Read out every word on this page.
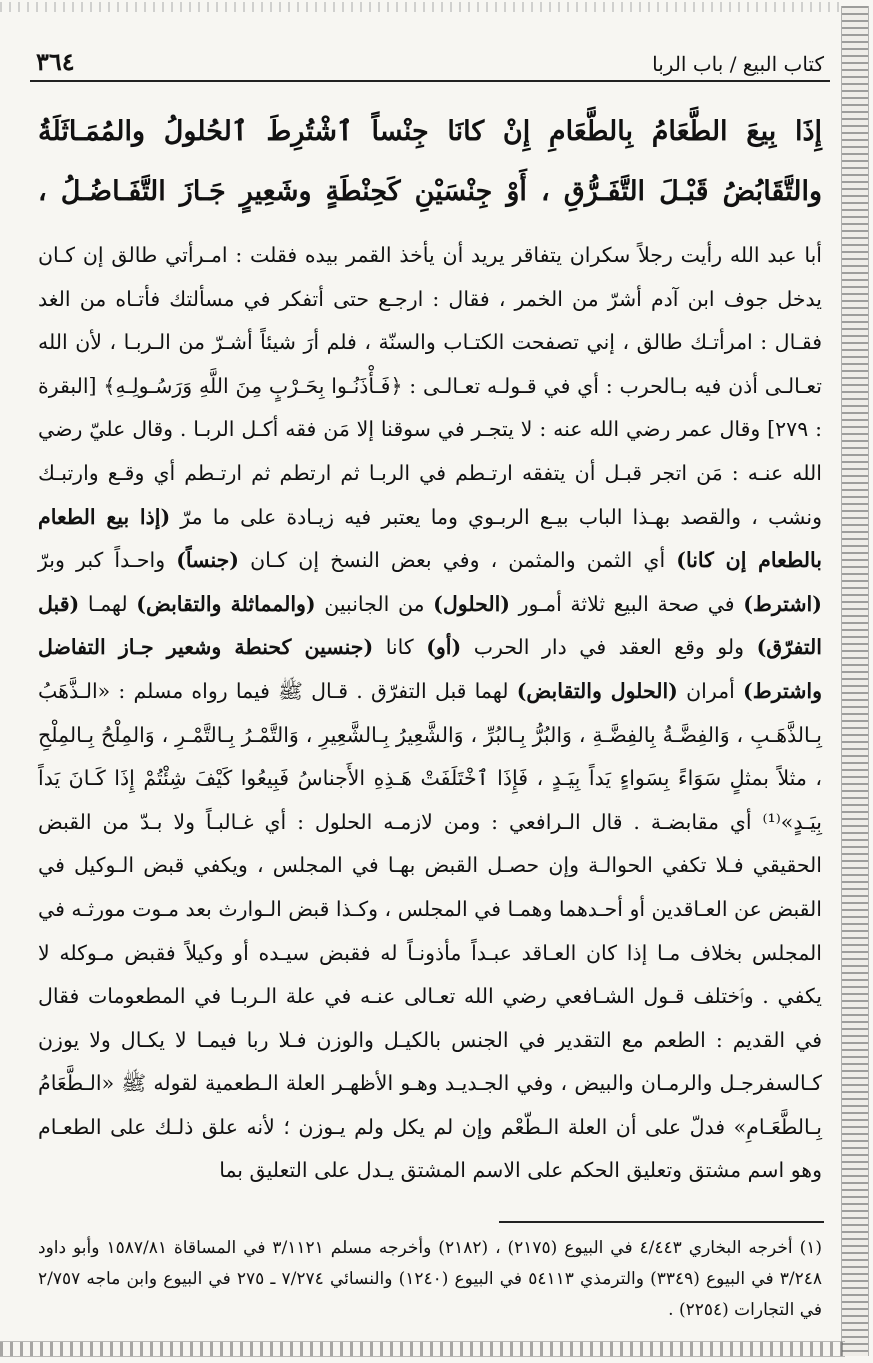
كتاب البيع / باب الربا
٣٦٤
إِذَا بِيعَ الطَّعَامُ بِالطَّعَامِ إِنْ كانَا جِنْساً ٱشْتُرِطَ ٱلحُلولُ والمُمَـاثَلَةُ والتَّقَابُضُ قَبْـلَ التَّفَـرُّقِ ، أَوْ جِنْسَيْنِ كَحِنْطَةٍ وشَعِيرٍ جَـازَ التَّفَـاضُـلُ ،

أبا عبد الله رأيت رجلاً سكران يتفاقر يريد أن يأخذ القمر بيده فقلت : امـرأتي طالق إن كـان يدخل جوف ابن آدم أشرّ من الخمر ، فقال : ارجـع حتى أتفكر في مسألتك فأتـاه من الغد فقـال : امرأتـك طالق ، إني تصفحت الكتـاب والسنّة ، فلم أرَ شيئاً أشـرّ من الـربـا ، لأن الله تعـالـى أذن فيه بـالحرب : أي في قـولـه تعـالـى : ﴿فَـأْذَنُـوا بِحَـرْبٍ مِنَ اللَّهِ وَرَسُـولِـهِ﴾ [البقرة : ٢٧٩] وقال عمر رضي الله عنه : لا يتجـر في سوقنا إلا مَن فقه أكـل الربـا . وقال عليّ رضي الله عنـه : مَن اتجر قبـل أن يتفقه ارتـطم في الربـا ثم ارتطم ثم ارتـطم أي وقـع وارتبـك ونشب ، والقصد بهـذا الباب بيـع الربـوي وما يعتبر فيه زيـادة على ما مرّ (إذا بيع الطعام بالطعام إن كانا) أي الثمن والمثمن ، وفي بعض النسخ إن كـان (جنساً) واحـداً كبر وبرّ (اشترط) في صحة البيع ثلاثة أمـور (الحلول) من الجانبين (والمماثلة والتقابض) لهمـا (قبل التفرّق) ولو وقع العقد في دار الحرب (أو) كانا (جنسين كحنطة وشعير جـاز التفاضل واشترط) أمران (الحلول والتقابض) لهما قبل التفرّق . قـال ﷺ فيما رواه مسلم : «الـذَّهَبُ بِـالذَّهَـبِ ، وَالفِضَّـةُ بِالفِضَّـةِ ، وَالبُرُّ بِـالبُرِّ ، وَالشَّعِيرُ بِـالشَّعِيرِ ، وَالتَّمْـرُ بِـالتَّمْـرِ ، وَالمِلْحُ بِـالمِلْحِ ، مثلاً بمثلٍ سَوَاءً بِسَواءٍ يَداً بِيَـدٍ ، فَإِذَا ٱخْتَلَفَتْ هَـذِهِ الأَجناسُ فَبِيعُوا كَيْفَ شِئْتُمْ إِذَا كَـانَ يَداً بِيَـدٍ»⁽¹⁾ أي مقابضـة . قال الـرافعي : ومن لازمـه الحلول : أي غـالبـاً ولا بـدّ من القبض الحقيقي فـلا تكفي الحوالـة وإن حصـل القبض بهـا في المجلس ، ويكفي قبض الـوكيل في القبض عن العـاقدين أو أحـدهما وهمـا في المجلس ، وكـذا قبض الـوارث بعد مـوت مورثـه في المجلس بخلاف مـا إذا كان العـاقد عبـداً مأذونـاً له فقبض سيـده أو وكيلاً فقبض مـوكله لا يكفي . وٱختلف قـول الشـافعي رضي الله تعـالى عنـه في علة الـربـا في المطعومات فقال في القديم : الطعم مع التقدير في الجنس بالكيـل والوزن فـلا ربا فيمـا لا يكـال ولا يوزن كـالسفرجـل والرمـان والبيض ، وفي الجـديـد وهـو الأظهـر العلة الـطعمية لقوله ﷺ «الـطَّعَامُ بِـالطَّعَـامِ» فدلّ على أن العلة الـطّعْم وإن لم يكل ولم يـوزن ؛ لأنه علق ذلـك على الطعـام وهو اسم مشتق وتعليق الحكم على الاسم المشتق يـدل على التعليق بما

(١) أخرجه البخاري ٤/٤٤٣ في البيوع (٢١٧٥) ، (٢١٨٢) وأخرجه مسلم ٣/١١٢١ في المساقاة ١٥٨٧/٨١ وأبو داود ٣/٢٤٨ في البيوع (٣٣٤٩) والترمذي ٥٤١١٣ في البيوع (١٢٤٠) والنسائي ٧/٢٧٤ ـ ٢٧٥ في البيوع وابن ماجه ٢/٧٥٧ في التجارات (٢٢٥٤) .
